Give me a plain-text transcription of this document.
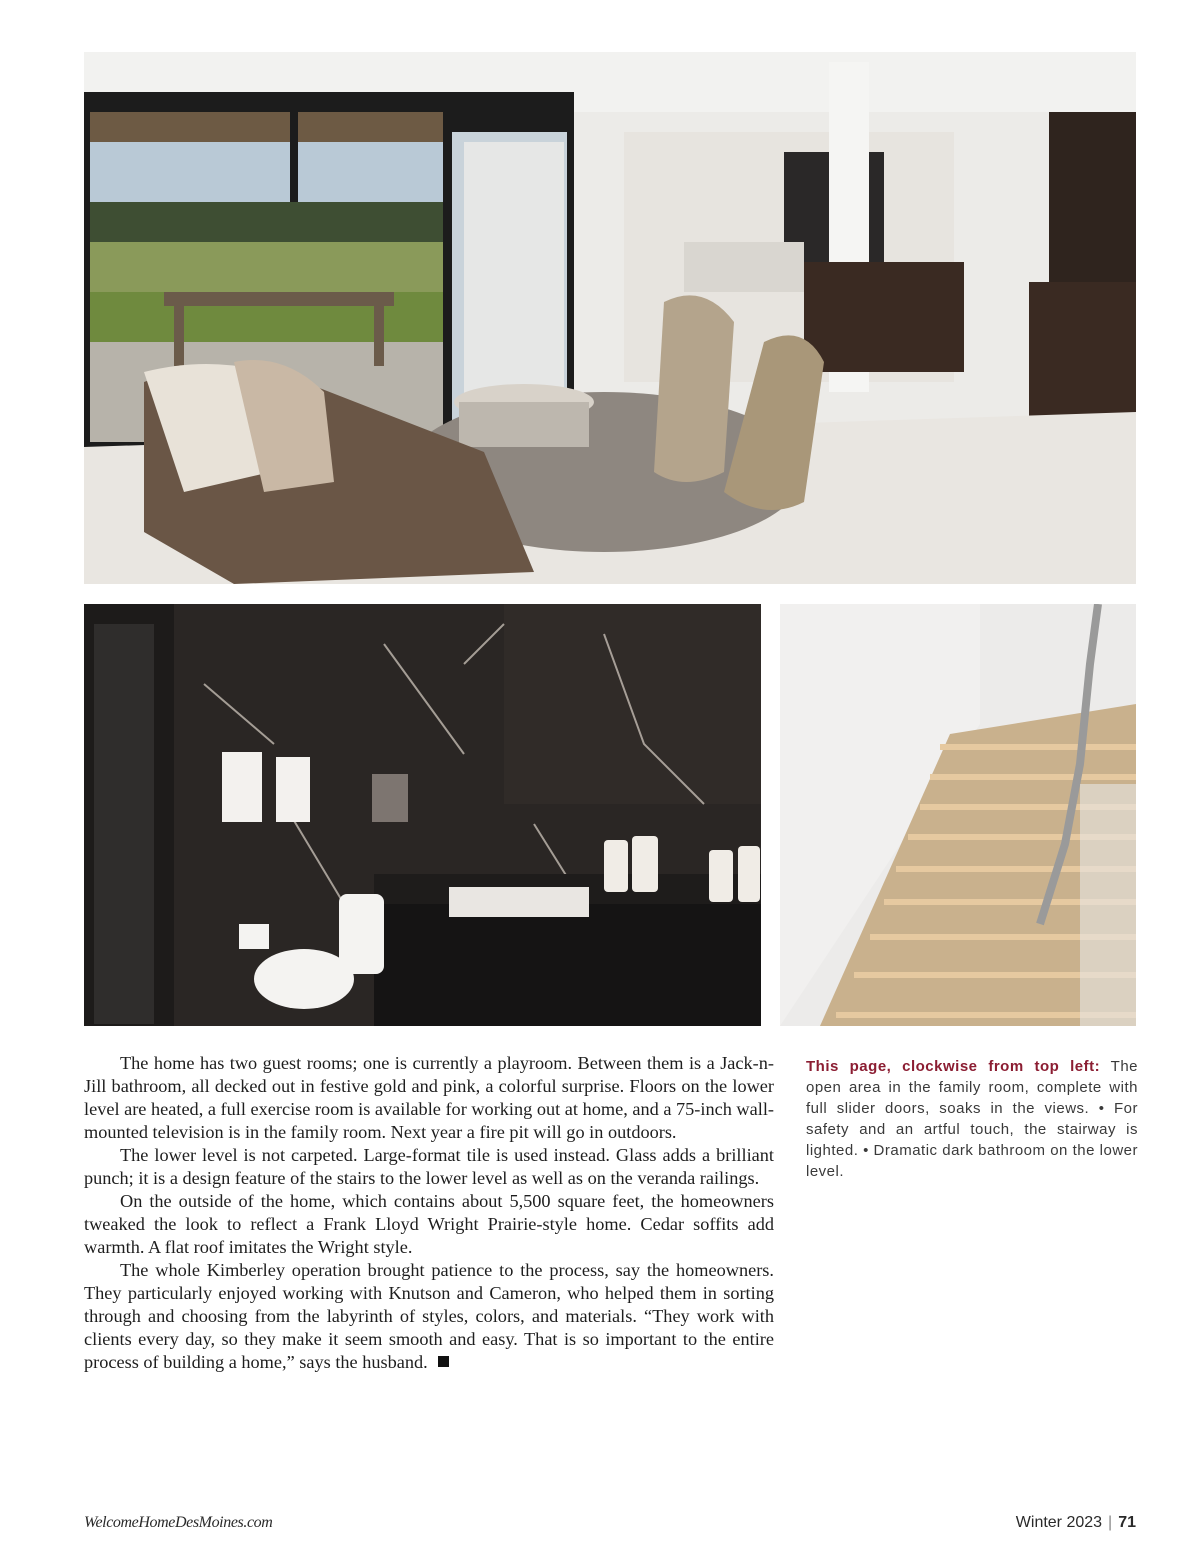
The home has two guest rooms; one is currently a playroom. Between them is a Jack-n-Jill bathroom, all decked out in festive gold and pink, a colorful surprise. Floors on the lower level are heated, a full exercise room is available for working out at home, and a 75-inch wall-mounted television is in the family room. Next year a fire pit will go in outdoors.

The lower level is not carpeted. Large-format tile is used instead. Glass adds a brilliant punch; it is a design feature of the stairs to the lower level as well as on the veranda railings.

On the outside of the home, which contains about 5,500 square feet, the homeowners tweaked the look to reflect a Frank Lloyd Wright Prairie-style home. Cedar soffits add warmth. A flat roof imitates the Wright style.

The whole Kimberley operation brought patience to the process, say the homeowners. They particularly enjoyed working with Knutson and Cameron, who helped them in sorting through and choosing from the labyrinth of styles, colors, and materials. “They work with clients every day, so they make it seem smooth and easy. That is so important to the entire process of building a home,” says the husband.

This page, clockwise from top left: The open area in the family room, complete with full slider doors, soaks in the views. • For safety and an artful touch, the stairway is lighted. • Dramatic dark bathroom on the lower level.
WelcomeHomeDesMoines.com	Winter 2023 | 71
